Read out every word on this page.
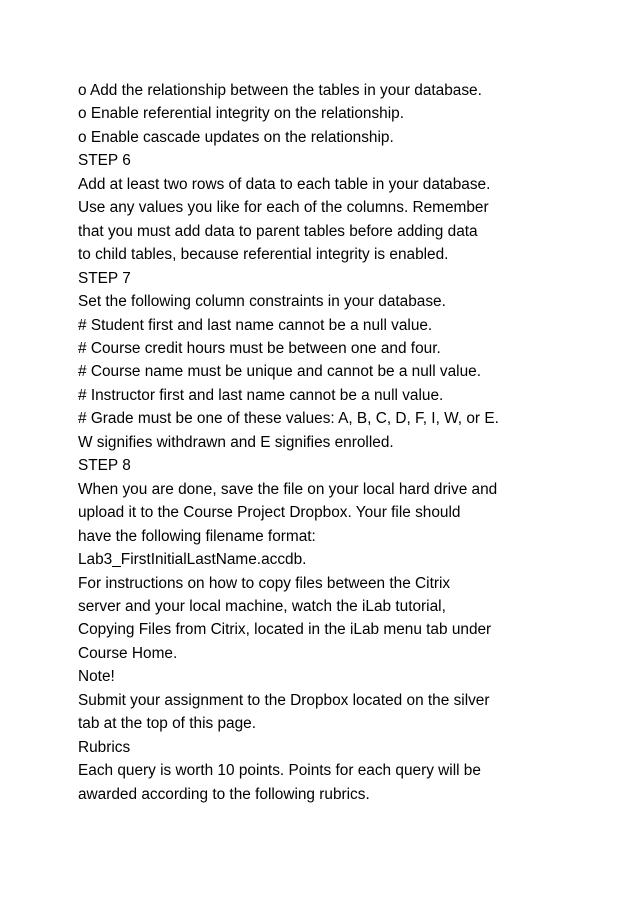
o Add the relationship between the tables in your database.
o Enable referential integrity on the relationship.
o Enable cascade updates on the relationship.
STEP 6
Add at least two rows of data to each table in your database.
Use any values you like for each of the columns. Remember
that you must add data to parent tables before adding data
to child tables, because referential integrity is enabled.
STEP 7
Set the following column constraints in your database.
# Student first and last name cannot be a null value.
# Course credit hours must be between one and four.
# Course name must be unique and cannot be a null value.
# Instructor first and last name cannot be a null value.
# Grade must be one of these values: A, B, C, D, F, I, W, or E.
W signifies withdrawn and E signifies enrolled.
STEP 8
When you are done, save the file on your local hard drive and
upload it to the Course Project Dropbox. Your file should
have the following filename format:
Lab3_FirstInitialLastName.accdb.
For instructions on how to copy files between the Citrix
server and your local machine, watch the iLab tutorial,
Copying Files from Citrix, located in the iLab menu tab under
Course Home.
Note!
Submit your assignment to the Dropbox located on the silver
tab at the top of this page.
Rubrics
Each query is worth 10 points. Points for each query will be
awarded according to the following rubrics.
